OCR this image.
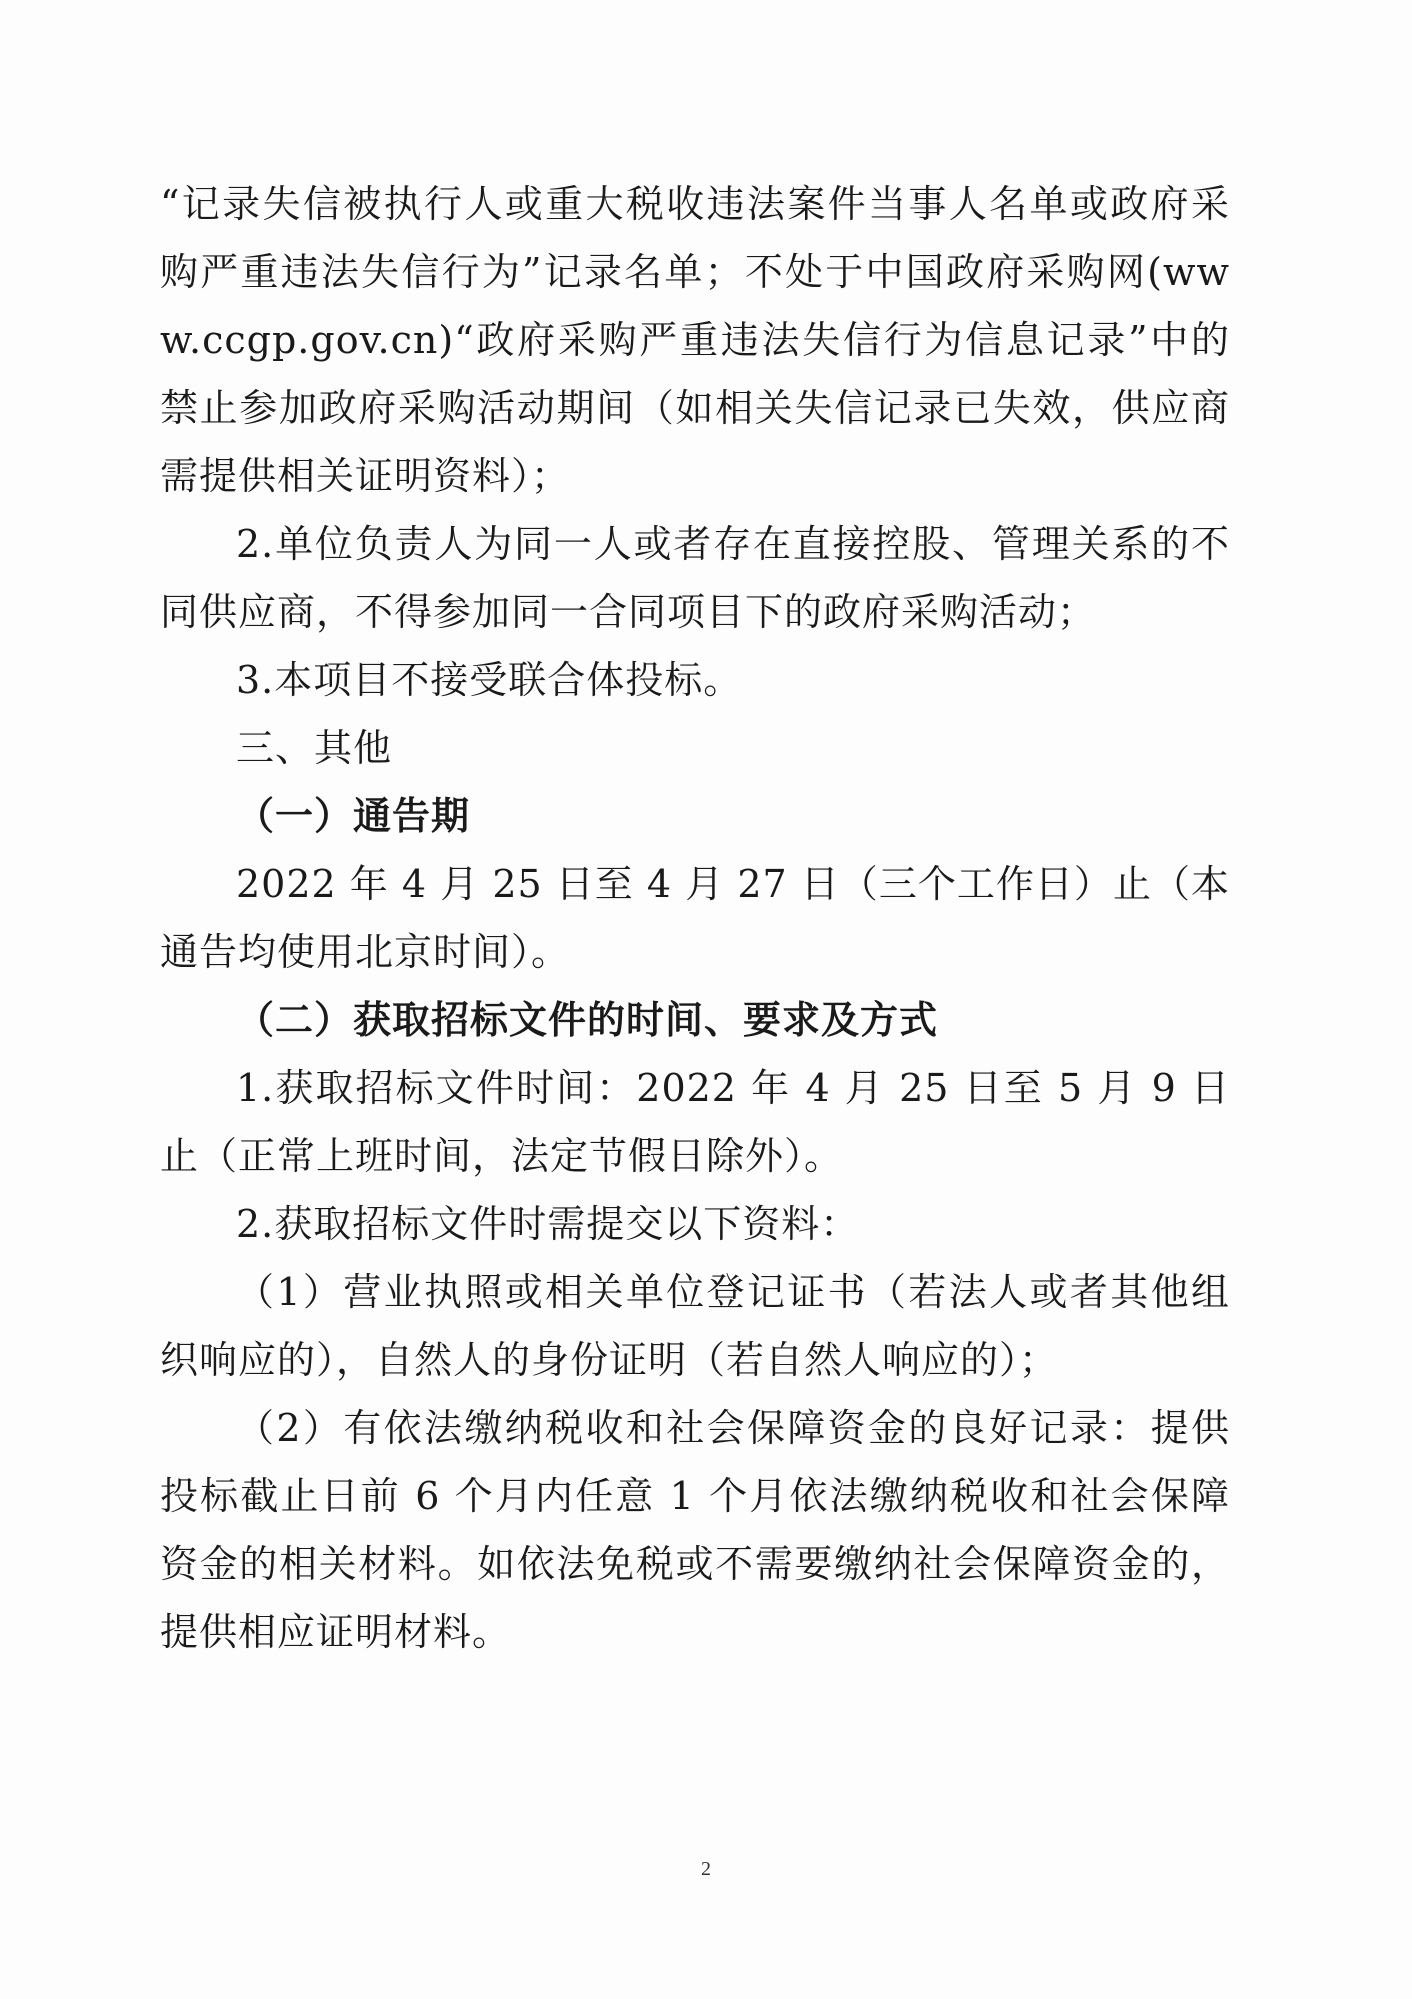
“记录失信被执行人或重大税收违法案件当事人名单或政府采购严重违法失信行为”记录名单；不处于中国政府采购网(www.ccgp.gov.cn)“政府采购严重违法失信行为信息记录”中的禁止参加政府采购活动期间（如相关失信记录已失效，供应商需提供相关证明资料）；

2.单位负责人为同一人或者存在直接控股、管理关系的不同供应商，不得参加同一合同项目下的政府采购活动；

3.本项目不接受联合体投标。

三、其他

（一）通告期

2022 年 4 月 25 日至 4 月 27 日（三个工作日）止（本通告均使用北京时间）。

（二）获取招标文件的时间、要求及方式

1.获取招标文件时间：2022 年 4 月 25 日至 5 月 9 日止（正常上班时间，法定节假日除外）。

2.获取招标文件时需提交以下资料：

（1）营业执照或相关单位登记证书（若法人或者其他组织响应的），自然人的身份证明（若自然人响应的）；

（2）有依法缴纳税收和社会保障资金的良好记录：提供投标截止日前 6 个月内任意 1 个月依法缴纳税收和社会保障资金的相关材料。如依法免税或不需要缴纳社会保障资金的，提供相应证明材料。

2
